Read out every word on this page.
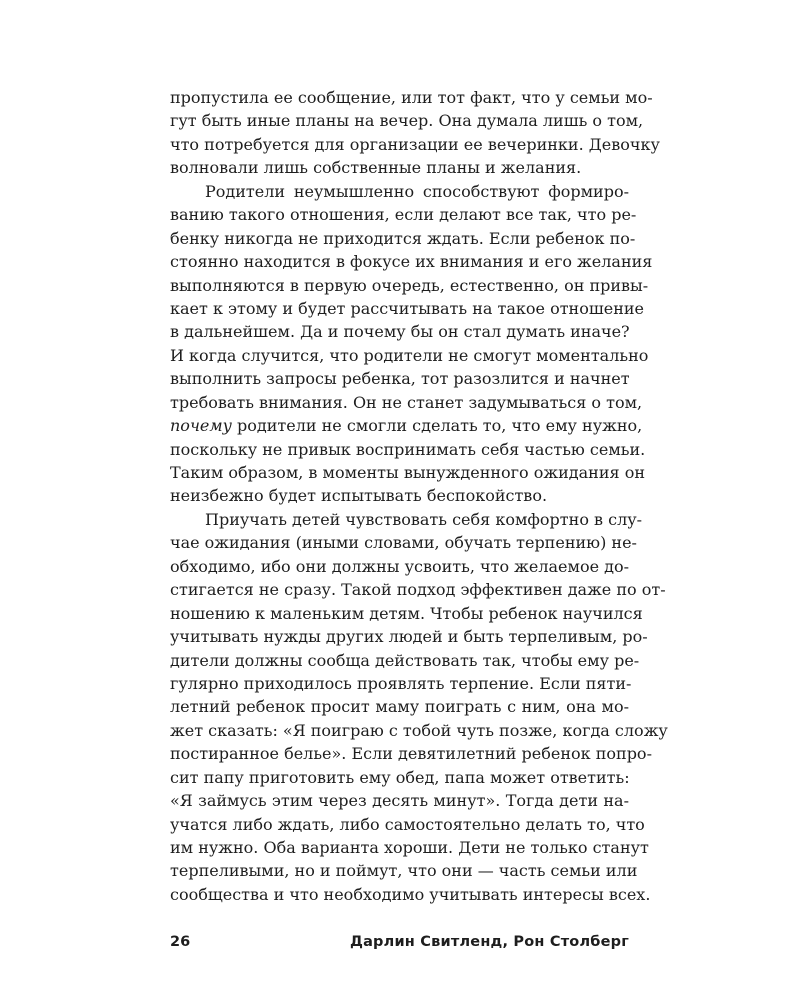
пропустила ее сообщение, или тот факт, что у семьи мо-
гут быть иные планы на вечер. Она думала лишь о том,
что потребуется для организации ее вечеринки. Девочку
волновали лишь собственные планы и желания.
Родители неумышленно способствуют формиро-
ванию такого отношения, если делают все так, что ре-
бенку никогда не приходится ждать. Если ребенок по-
стоянно находится в фокусе их внимания и его желания
выполняются в первую очередь, естественно, он привы-
кает к этому и будет рассчитывать на такое отношение
в дальнейшем. Да и почему бы он стал думать иначе?
И когда случится, что родители не смогут моментально
выполнить запросы ребенка, тот разозлится и начнет
требовать внимания. Он не станет задумываться о том,
почему родители не смогли сделать то, что ему нужно,
поскольку не привык воспринимать себя частью семьи.
Таким образом, в моменты вынужденного ожидания он
неизбежно будет испытывать беспокойство.
Приучать детей чувствовать себя комфортно в слу-
чае ожидания (иными словами, обучать терпению) не-
обходимо, ибо они должны усвоить, что желаемое до-
стигается не сразу. Такой подход эффективен даже по от-
ношению к маленьким детям. Чтобы ребенок научился
учитывать нужды других людей и быть терпеливым, ро-
дители должны сообща действовать так, чтобы ему ре-
гулярно приходилось проявлять терпение. Если пяти-
летний ребенок просит маму поиграть с ним, она мо-
жет сказать: «Я поиграю с тобой чуть позже, когда сложу
постиранное белье». Если девятилетний ребенок попро-
сит папу приготовить ему обед, папа может ответить:
«Я займусь этим через десять минут». Тогда дети на-
учатся либо ждать, либо самостоятельно делать то, что
им нужно. Оба варианта хороши. Дети не только станут
терпеливыми, но и поймут, что они — часть семьи или
сообщества и что необходимо учитывать интересы всех.
26	Дарлин Свитленд, Рон Столберг
